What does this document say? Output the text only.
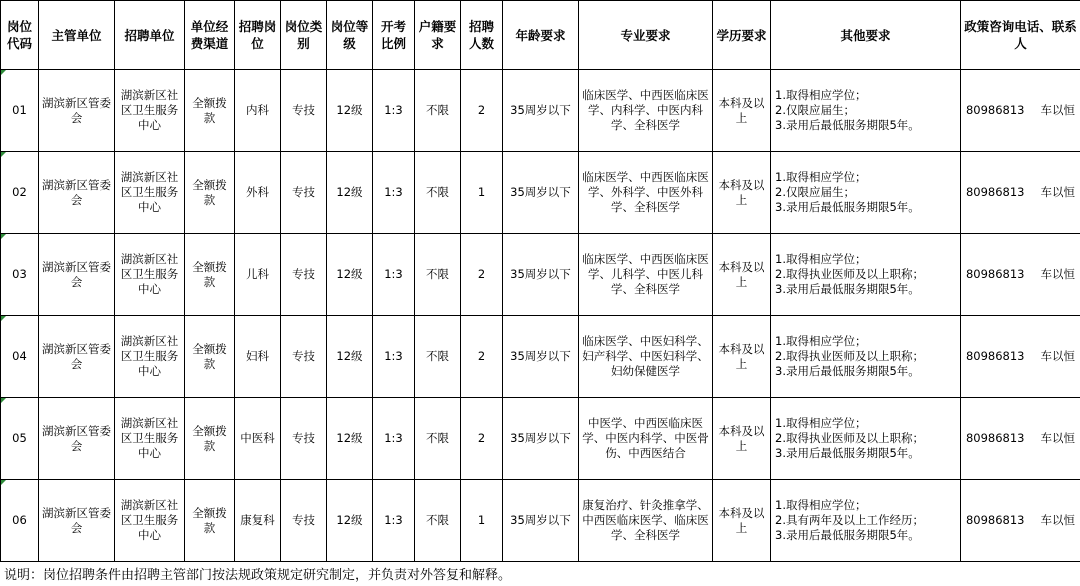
岗位代码	主管单位	招聘单位	单位经费渠道	招聘岗位	岗位类别	岗位等级	开考比例	户籍要求	招聘人数	年龄要求	专业要求	学历要求	其他要求	政策咨询电话、联系人
01	湖滨新区管委会	湖滨新区社区卫生服务中心	全额拨款	内科	专技	12级	1:3	不限	2	35周岁以下	临床医学、中西医临床医学、内科学、中医内科学、全科医学	本科及以上	1.取得相应学位；
2.仅限应届生；
3.录用后最低服务期限5年。	80986813 车以恒
02	湖滨新区管委会	湖滨新区社区卫生服务中心	全额拨款	外科	专技	12级	1:3	不限	1	35周岁以下	临床医学、中西医临床医学、外科学、中医外科学、全科医学	本科及以上	1.取得相应学位；
2.仅限应届生；
3.录用后最低服务期限5年。	80986813 车以恒
03	湖滨新区管委会	湖滨新区社区卫生服务中心	全额拨款	儿科	专技	12级	1:3	不限	2	35周岁以下	临床医学、中西医临床医学、儿科学、中医儿科学、全科医学	本科及以上	1.取得相应学位；
2.取得执业医师及以上职称；
3.录用后最低服务期限5年。	80986813 车以恒
04	湖滨新区管委会	湖滨新区社区卫生服务中心	全额拨款	妇科	专技	12级	1:3	不限	2	35周岁以下	临床医学、中医妇科学、妇产科学、中医妇科学、妇幼保健医学	本科及以上	1.取得相应学位；
2.取得执业医师及以上职称；
3.录用后最低服务期限5年。	80986813 车以恒
05	湖滨新区管委会	湖滨新区社区卫生服务中心	全额拨款	中医科	专技	12级	1:3	不限	2	35周岁以下	中医学、中西医临床医学、中医内科学、中医骨伤、中西医结合	本科及以上	1.取得相应学位；
2.取得执业医师及以上职称；
3.录用后最低服务期限5年。	80986813 车以恒
06	湖滨新区管委会	湖滨新区社区卫生服务中心	全额拨款	康复科	专技	12级	1:3	不限	1	35周岁以下	康复治疗、针灸推拿学、中西医临床医学、临床医学、全科医学	本科及以上	1.取得相应学位；
2.具有两年及以上工作经历；
3.录用后最低服务期限5年。	80986813 车以恒
说明：岗位招聘条件由招聘主管部门按法规政策规定研究制定，并负责对外答复和解释。
